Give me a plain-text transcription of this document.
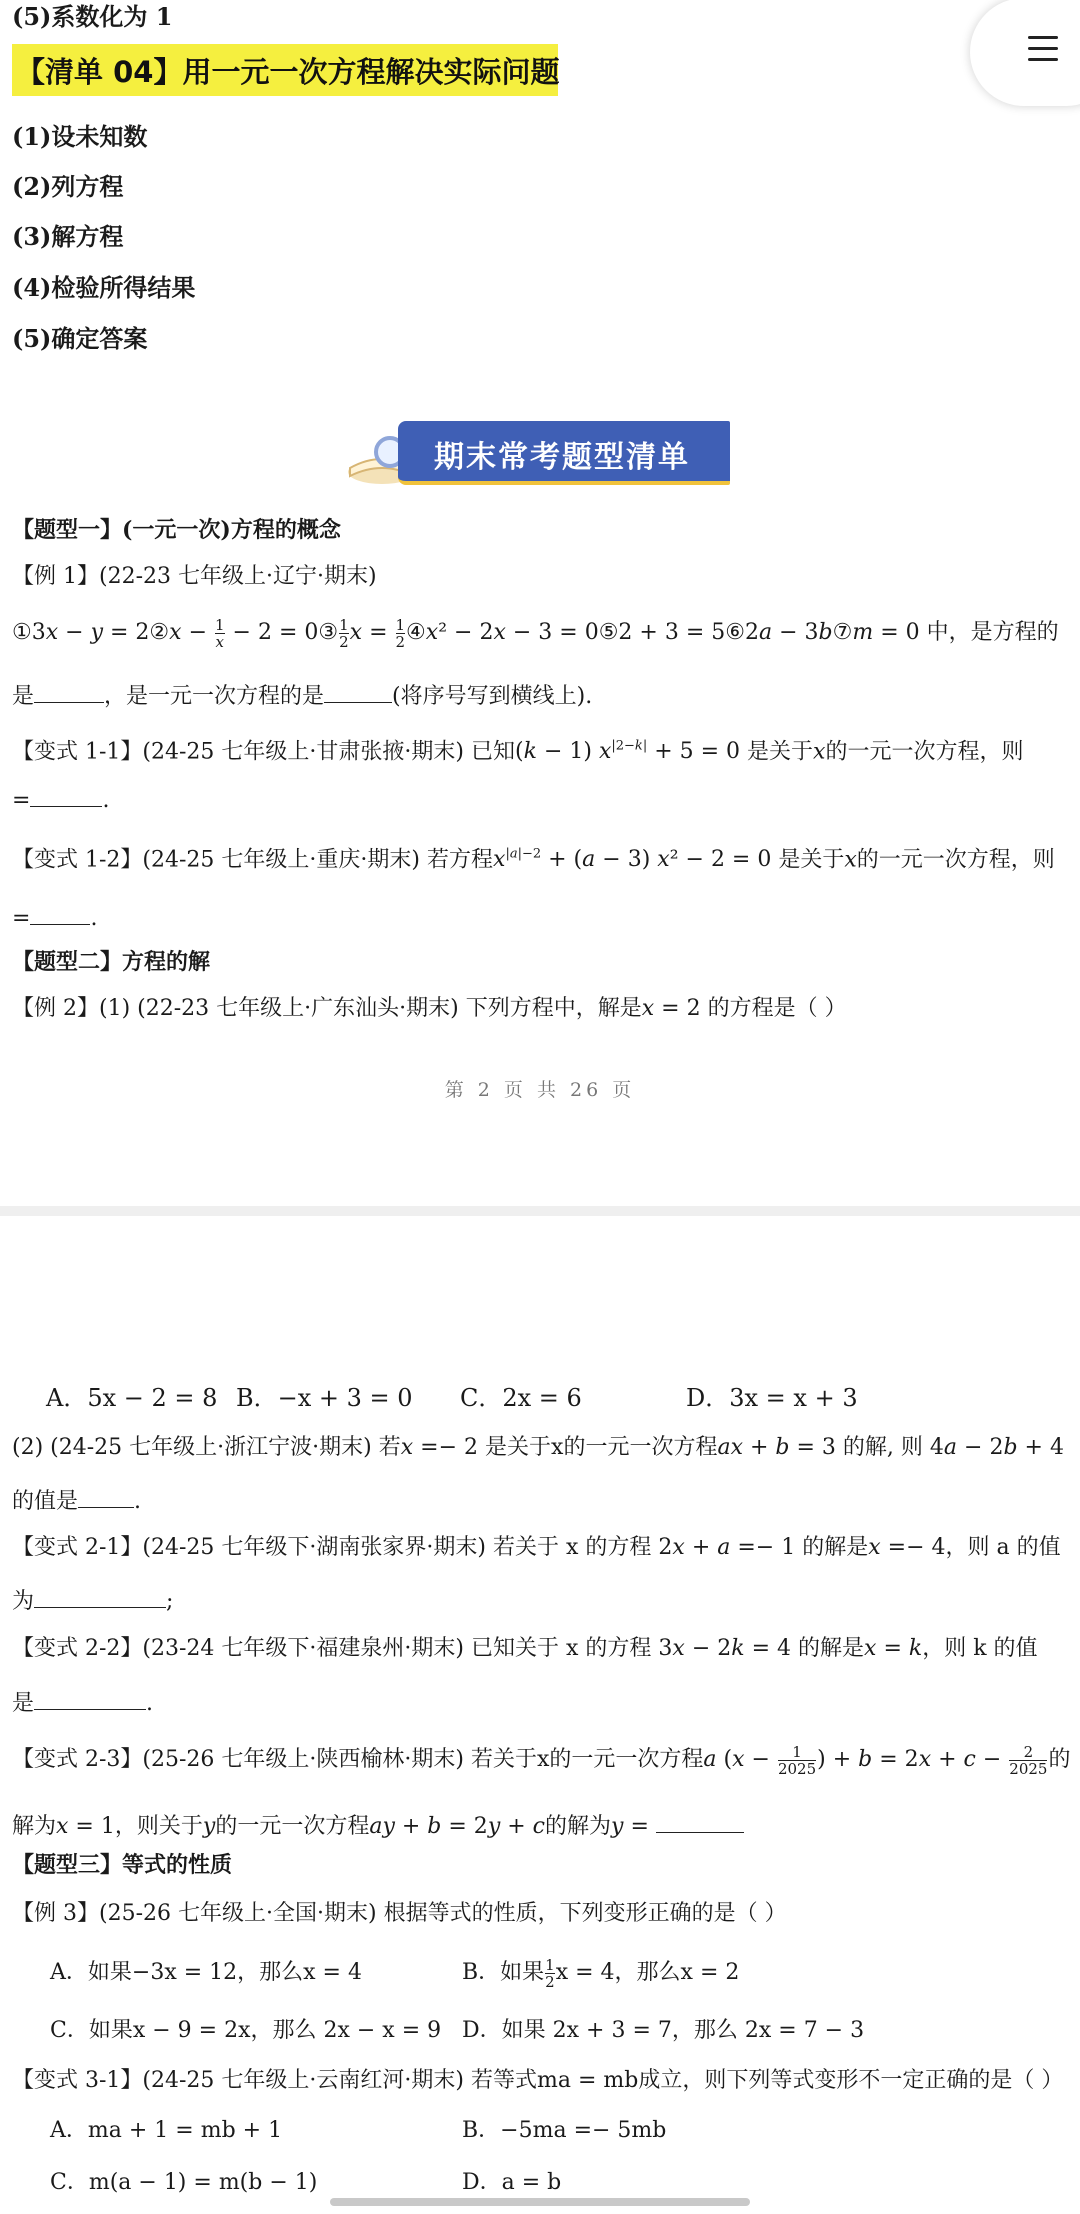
(5)系数化为 1
【清单 04】用一元一次方程解决实际问题
(1)设未知数
(2)列方程
(3)解方程
(4)检验所得结果
(5)确定答案
期末常考题型清单
【题型一】(一元一次)方程的概念
【例 1】(22-23 七年级上·辽宁·期末)
①3x − y = 2②x − $\frac{1}{x} - 2$ = 0③ $\frac{1}{2}$ $x = \frac{1}{2}$ ④x² − 2x − 3 = 0⑤2 + 3 = 5⑥2a − 3b⑦m = 0 中，是方程的
是	，是一元一次方程的是	(将序号写到横线上).
【变式 1-1】(24-25 七年级上·甘肃张掖·期末) 已知(k − 1) $x^{|2-k|} + 5 = 0$ 是关于x的一元一次方程，则
=	.
【变式 1-2】(24-25 七年级上·重庆·期末) 若方程$x^{|a|-2} + (a - 3) x^2 - 2 = 0$ 是关于x的一元一次方程，则
=	.
【题型二】方程的解
【例 2】(1) (22-23 七年级上·广东汕头·期末) 下列方程中，解是x = 2 的方程是（ ）
第 2 页 共 26 页
A．5x − 2 = 8 B．−x + 3 = 0 C．2x = 6	D．3x = x + 3
(2) (24-25 七年级上·浙江宁波·期末) 若x =− 2 是关于x的一元一次方程ax + b = 3 的解, 则 4a − 2b + 4
的值是	.
【变式 2-1】(24-25 七年级下·湖南张家界·期末) 若关于 x 的方程 2x + a =− 1 的解是x =− 4，则 a 的值
为	;
【变式 2-2】(23-24 七年级下·福建泉州·期末) 已知关于 x 的方程 3x − 2k = 4 的解是x = k，则 k 的值
是	.
【变式 2-3】(25-26 七年级上·陕西榆林·期末) 若关于x的一元一次方程a ($x - \frac{1}{2025}$ ) + $b = 2x + c - \frac{2}{2025}$ 的
解为x = 1，则关于y的一元一次方程ay + b = 2y + c的解为y =
【题型三】等式的性质
【例 3】(25-26 七年级上·全国·期末) 根据等式的性质，下列变形正确的是（ ）
A．如果−3x = 12，那么x = 4	B．如果 $\frac{1}{2}$ x = 4，那么x = 2
C．如果x − 9 = 2x，那么 2x − x = 9 D．如果 2x + 3 = 7，那么 2x = 7 − 3
【变式 3-1】(24-25 七年级上·云南红河·期末) 若等式ma = mb成立，则下列等式变形不一定正确的是（ ）
A．ma + 1 = mb + 1	B．−5ma =− 5mb
C．m(a − 1) = m(b − 1)	D．a = b
